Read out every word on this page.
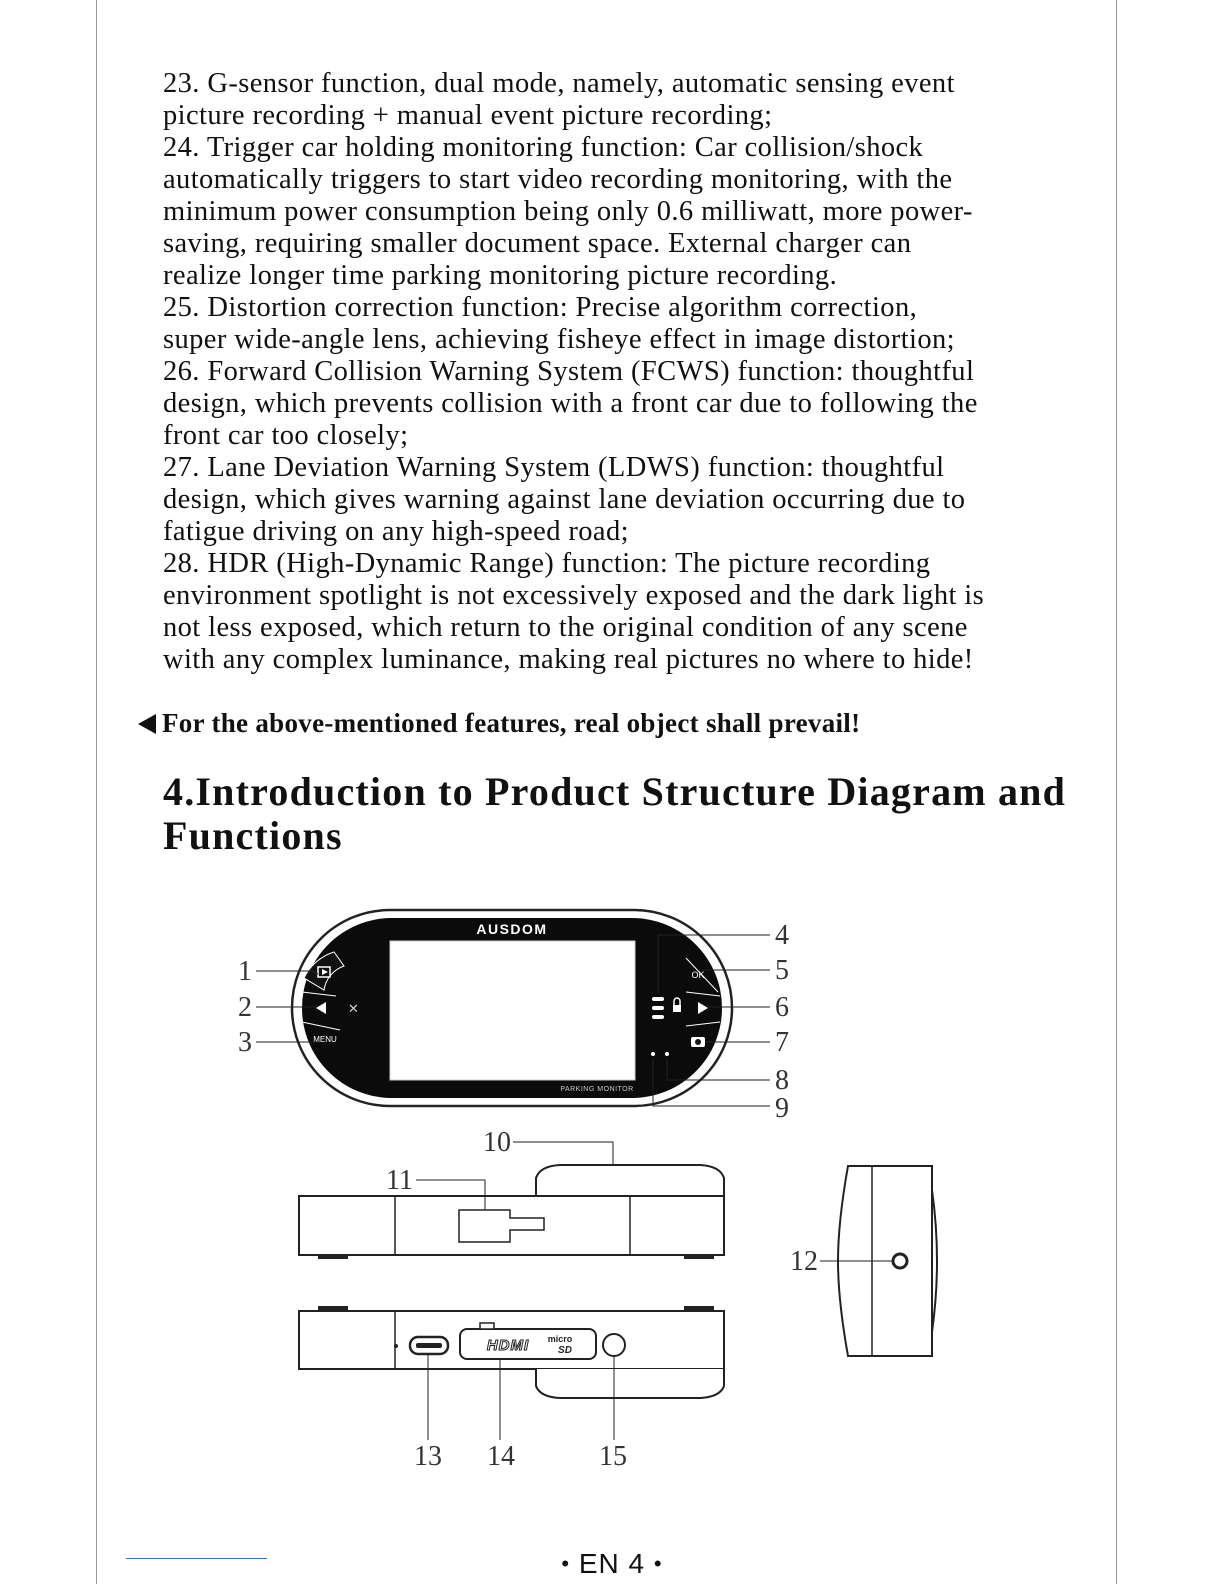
23. G-sensor function, dual mode, namely, automatic sensing event

picture recording + manual event picture recording;

24. Trigger car holding monitoring function: Car collision/shock

automatically triggers to start video recording monitoring, with the

minimum power consumption being only 0.6 milliwatt, more power-

saving, requiring smaller document space. External charger can

realize longer time parking monitoring picture recording.

25. Distortion correction function: Precise algorithm correction,

super wide-angle lens, achieving fisheye effect in image distortion;

26. Forward Collision Warning System (FCWS) function: thoughtful

design, which prevents collision with a front car due to following the

front car too closely;

27. Lane Deviation Warning System (LDWS) function: thoughtful

design, which gives warning against lane deviation occurring due to

fatigue driving on any high-speed road;

28. HDR (High-Dynamic Range) function: The picture recording

environment spotlight is not excessively exposed and the dark light is

not less exposed, which return to the original condition of any scene

with any complex luminance, making real pictures no where to hide!

For the above-mentioned features, real object shall prevail!
4.Introduction to Product Structure Diagram and
Functions
AUSDOM
PARKING MONITOR
✕
MENU
OK
1
2
3
4
5
6
7
8
9
10
11
12
HDMI micro
SD
13 14	15
• EN 4 •
